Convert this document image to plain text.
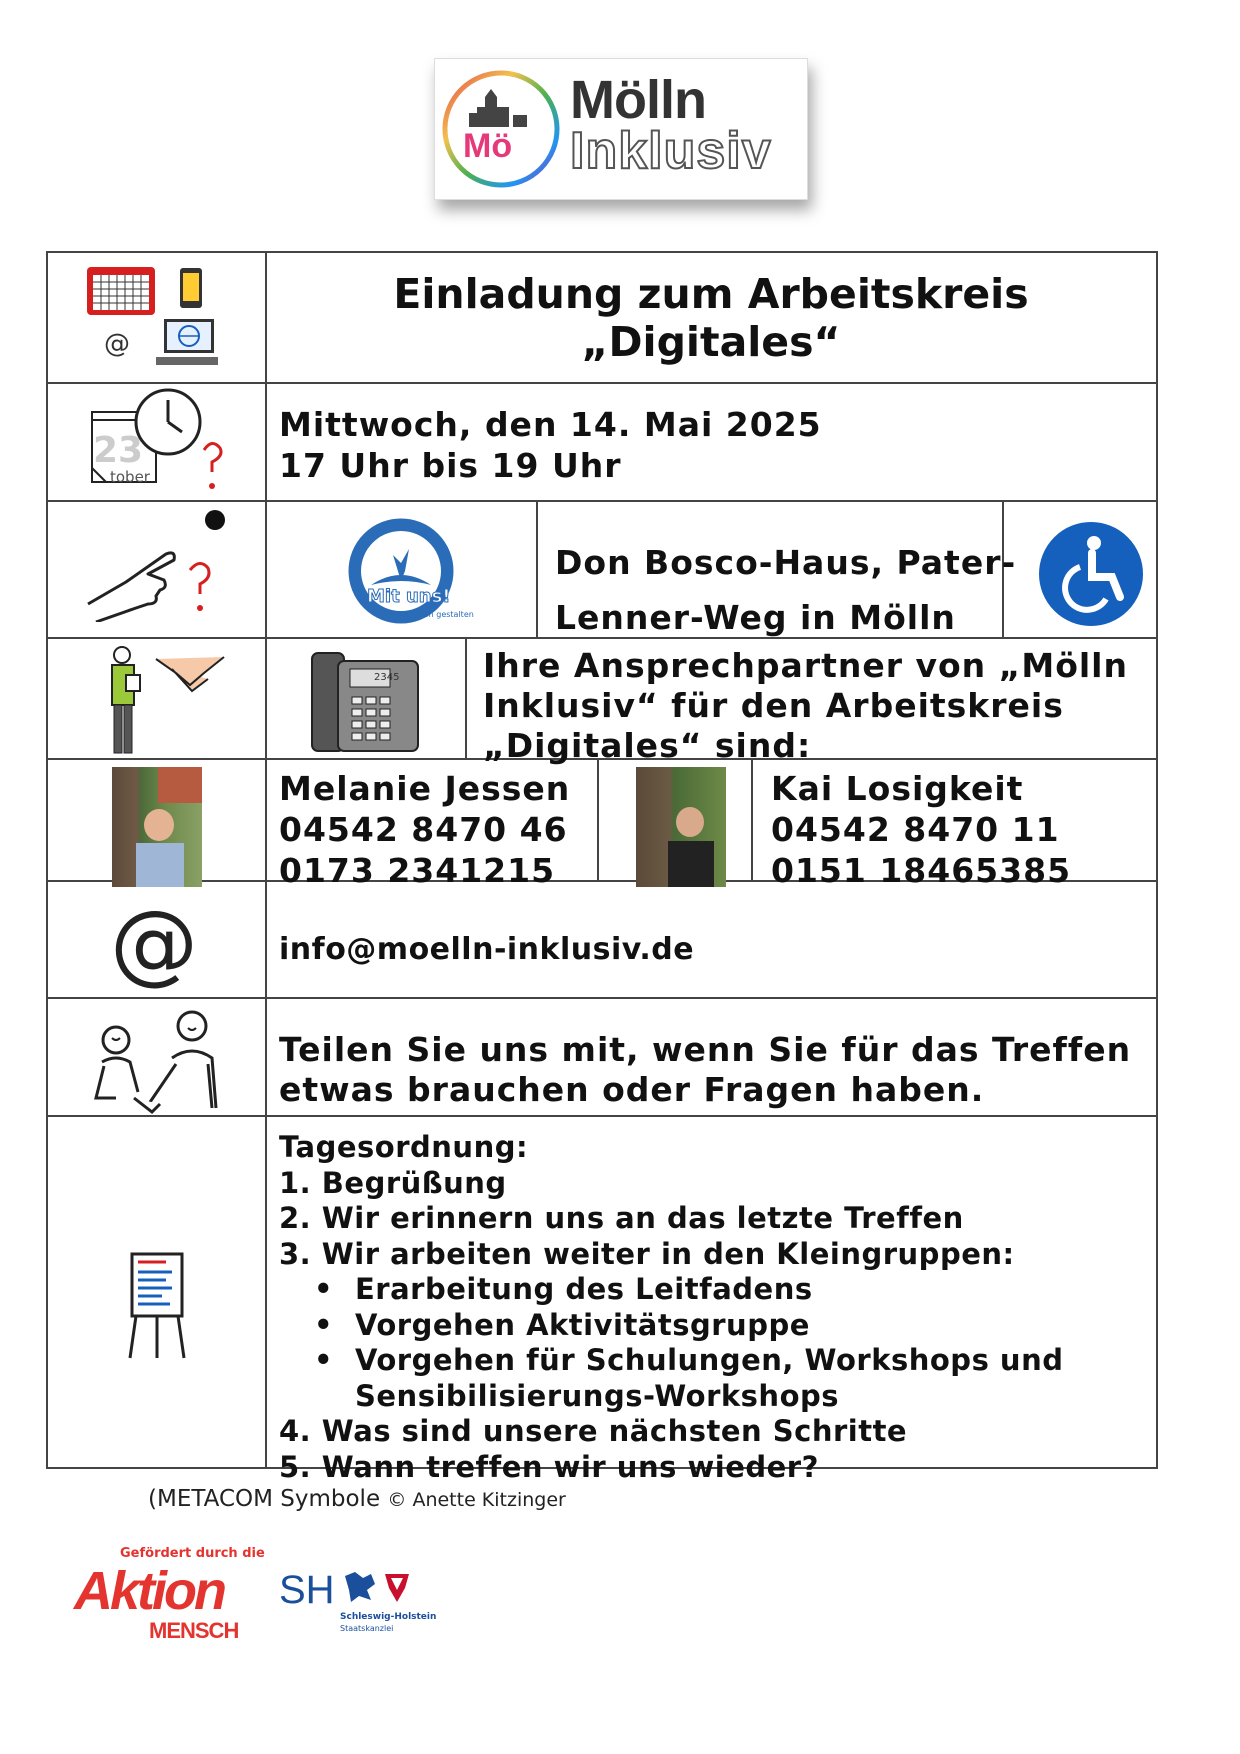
Mö
Mölln
Inklusiv
@
Einladung zum Arbeitskreis
„Digitales“
23
tober
Mittwoch, den 14. Mai 2025
17 Uhr bis 19 Uhr
Mit uns!
Inklusion gestalten
Don Bosco-Haus, Pater-
Lenner-Weg in Mölln
2345	Ihre Ansprechpartner von „Mölln
Inklusiv“ für den Arbeitskreis
„Digitales“ sind:
Melanie Jessen
04542 8470 46
0173 2341215
Kai Losigkeit
04542 8470 11
0151 18465385
@	info@moelln-inklusiv.de
Teilen Sie uns mit, wenn Sie für das Treffen
etwas brauchen oder Fragen haben.
Tagesordnung:
1. Begrüßung
2. Wir erinnern uns an das letzte Treffen
3. Wir arbeiten weiter in den Kleingruppen:
• Erarbeitung des Leitfadens
• Vorgehen Aktivitätsgruppe
• Vorgehen für Schulungen, Workshops und
Sensibilisierungs-Workshops
4. Was sind unsere nächsten Schritte
5. Wann treffen wir uns wieder?
(METACOM Symbole © Anette Kitzinger
Gefördert durch die
Aktion
MENSCH
SH
Schleswig-Holstein
Staatskanzlei
